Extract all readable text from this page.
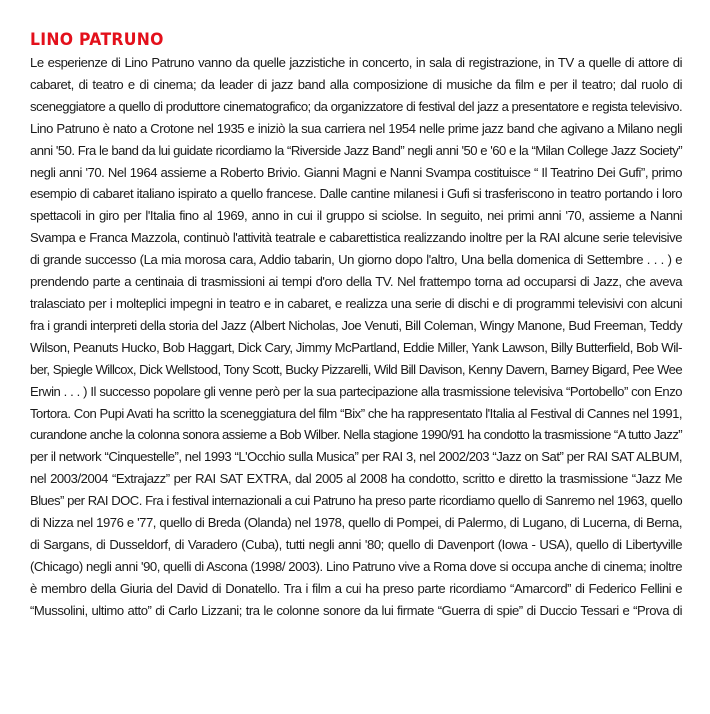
LINO PATRUNO
Le esperienze di Lino Patruno vanno da quelle jazzistiche in concerto, in sala di registrazione, in TV a quelle di attore di
cabaret, di teatro e di cinema; da leader di jazz band alla composizione di musiche da film e per il teatro; dal ruolo di
sceneggiatore a quello di produttore cinematografico; da organizzatore di festival del jazz a presentatore e regista televisivo.
Lino Patruno è nato a Crotone nel 1935 e iniziò la sua carriera nel 1954 nelle prime jazz band che agivano a Milano negli
anni '50. Fra le band da lui guidate ricordiamo la “Riverside Jazz Band” negli anni '50 e '60 e la “Milan College Jazz Society”
negli anni '70. Nel 1964 assieme a Roberto Brivio. Gianni Magni e Nanni Svampa costituisce “ Il Teatrino Dei Gufi”, primo
esempio di cabaret italiano ispirato a quello francese. Dalle cantine milanesi i Gufi si trasferiscono in teatro portando i loro
spettacoli in giro per l'Italia fino al 1969, anno in cui il gruppo si sciolse. In seguito, nei primi anni '70, assieme a Nanni
Svampa e Franca Mazzola, continuò l'attività teatrale e cabarettistica realizzando inoltre per la RAI alcune serie televisive
di grande successo (La mia morosa cara, Addio tabarin, Un giorno dopo l'altro, Una bella domenica di Settembre . . . ) e
prendendo parte a centinaia di trasmissioni ai tempi d'oro della TV. Nel frattempo torna ad occuparsi di Jazz, che aveva
tralasciato per i molteplici impegni in teatro e in cabaret, e realizza una serie di dischi e di programmi televisivi con alcuni
fra i grandi interpreti della storia del Jazz (Albert Nicholas, Joe Venuti, Bill Coleman, Wingy Manone, Bud Freeman, Teddy
Wilson, Peanuts Hucko, Bob Haggart, Dick Cary, Jimmy McPartland, Eddie Miller, Yank Lawson, Billy Butterfield, Bob Wil-
ber, Spiegle Willcox, Dick Wellstood, Tony Scott, Bucky Pizzarelli, Wild Bill Davison, Kenny Davern, Barney Bigard, Pee Wee
Erwin . . . ) Il successo popolare gli venne però per la sua partecipazione alla trasmissione televisiva “Portobello” con Enzo
Tortora. Con Pupi Avati ha scritto la sceneggiatura del film “Bix” che ha rappresentato l'Italia al Festival di Cannes nel 1991,
curandone anche la colonna sonora assieme a Bob Wilber. Nella stagione 1990/91 ha condotto la trasmissione “A tutto Jazz”
per il network “Cinquestelle”, nel 1993 “L'Occhio sulla Musica” per RAI 3, nel 2002/203 “Jazz on Sat” per RAI SAT ALBUM,
nel 2003/2004 “Extrajazz” per RAI SAT EXTRA, dal 2005 al 2008 ha condotto, scritto e diretto la trasmissione “Jazz Me
Blues” per RAI DOC. Fra i festival internazionali a cui Patruno ha preso parte ricordiamo quello di Sanremo nel 1963, quello
di Nizza nel 1976 e '77, quello di Breda (Olanda) nel 1978, quello di Pompei, di Palermo, di Lugano, di Lucerna, di Berna,
di Sargans, di Dusseldorf, di Varadero (Cuba), tutti negli anni '80; quello di Davenport (Iowa - USA), quello di Libertyville
(Chicago) negli anni '90, quelli di Ascona (1998/ 2003). Lino Patruno vive a Roma dove si occupa anche di cinema; inoltre
è membro della Giuria del David di Donatello. Tra i film a cui ha preso parte ricordiamo “Amarcord” di Federico Fellini e
“Mussolini, ultimo atto” di Carlo Lizzani; tra le colonne sonore da lui firmate “Guerra di spie” di Duccio Tessari e “Prova di
